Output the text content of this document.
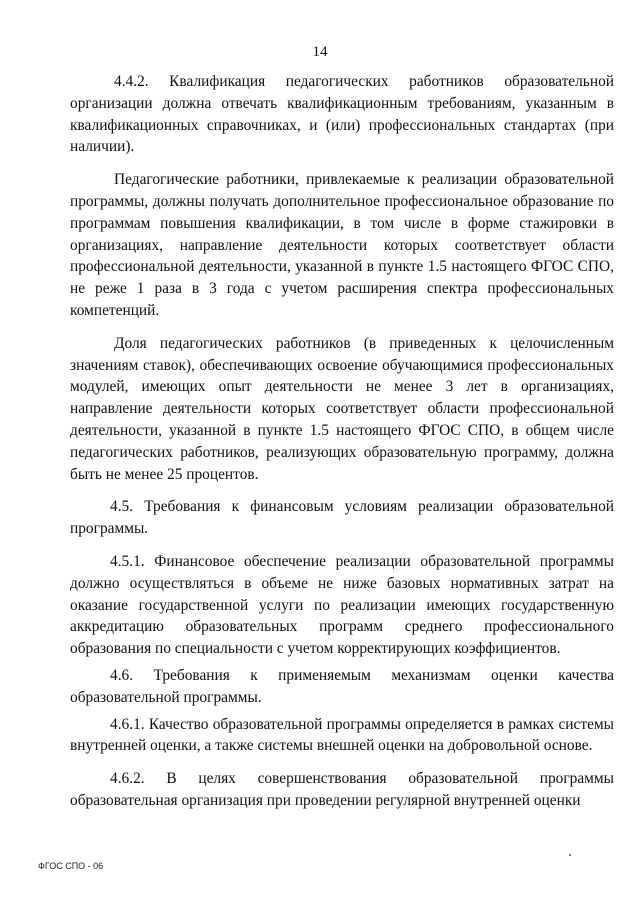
14

4.4.2. Квалификация педагогических работников образовательной организации должна отвечать квалификационным требованиям, указанным в квалификационных справочниках, и (или) профессиональных стандартах (при наличии).

Педагогические работники, привлекаемые к реализации образовательной программы, должны получать дополнительное профессиональное образование по программам повышения квалификации, в том числе в форме стажировки в организациях, направление деятельности которых соответствует области профессиональной деятельности, указанной в пункте 1.5 настоящего ФГОС СПО, не реже 1 раза в 3 года с учетом расширения спектра профессиональных компетенций.

Доля педагогических работников (в приведенных к целочисленным значениям ставок), обеспечивающих освоение обучающимися профессиональных модулей, имеющих опыт деятельности не менее 3 лет в организациях, направление деятельности которых соответствует области профессиональной деятельности, указанной в пункте 1.5 настоящего ФГОС СПО, в общем числе педагогических работников, реализующих образовательную программу, должна быть не менее 25 процентов.

4.5. Требования к финансовым условиям реализации образовательной программы.

4.5.1. Финансовое обеспечение реализации образовательной программы должно осуществляться в объеме не ниже базовых нормативных затрат на оказание государственной услуги по реализации имеющих государственную аккредитацию образовательных программ среднего профессионального образования по специальности с учетом корректирующих коэффициентов.

4.6. Требования к применяемым механизмам оценки качества образовательной программы.

4.6.1. Качество образовательной программы определяется в рамках системы внутренней оценки, а также системы внешней оценки на добровольной основе.

4.6.2. В целях совершенствования образовательной программы образовательная организация при проведении регулярной внутренней оценки

ФГОС СПО - 06
